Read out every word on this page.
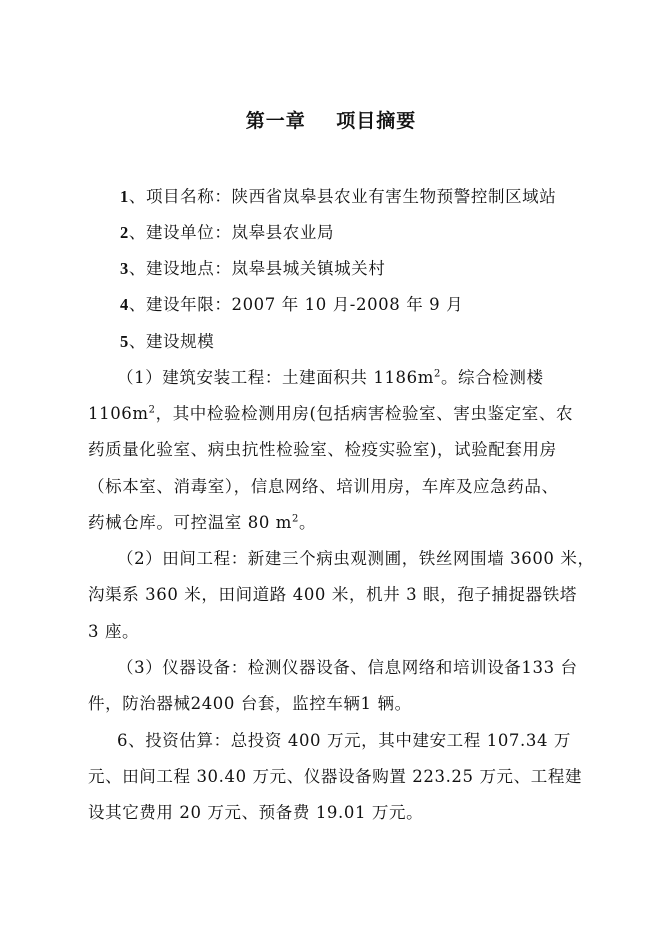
第一章    项目摘要
1、项目名称：陕西省岚皋县农业有害生物预警控制区域站
2、建设单位：岚皋县农业局
3、建设地点：岚皋县城关镇城关村
4、建设年限：2007 年 10 月-2008 年 9 月
5、建设规模
（1）建筑安装工程：土建面积共 $1186m^2$。综合检测楼
$1106m^2$，其中检验检测用房(包括病害检验室、害虫鉴定室、农
药质量化验室、病虫抗性检验室、检疫实验室)，试验配套用房
（标本室、消毒室），信息网络、培训用房，车库及应急药品、
药械仓库。可控温室 80 $m^2$。
（2）田间工程：新建三个病虫观测圃，铁丝网围墙 3600 米，
沟渠系 360 米，田间道路 400 米，机井 3 眼，孢子捕捉器铁塔
3 座。
（3）仪器设备：检测仪器设备、信息网络和培训设备133 台
件，防治器械2400 台套，监控车辆1 辆。
6、投资估算：总投资 400 万元，其中建安工程 107.34 万
元、田间工程 30.40 万元、仪器设备购置 223.25 万元、工程建
设其它费用 20 万元、预备费 19.01 万元。
